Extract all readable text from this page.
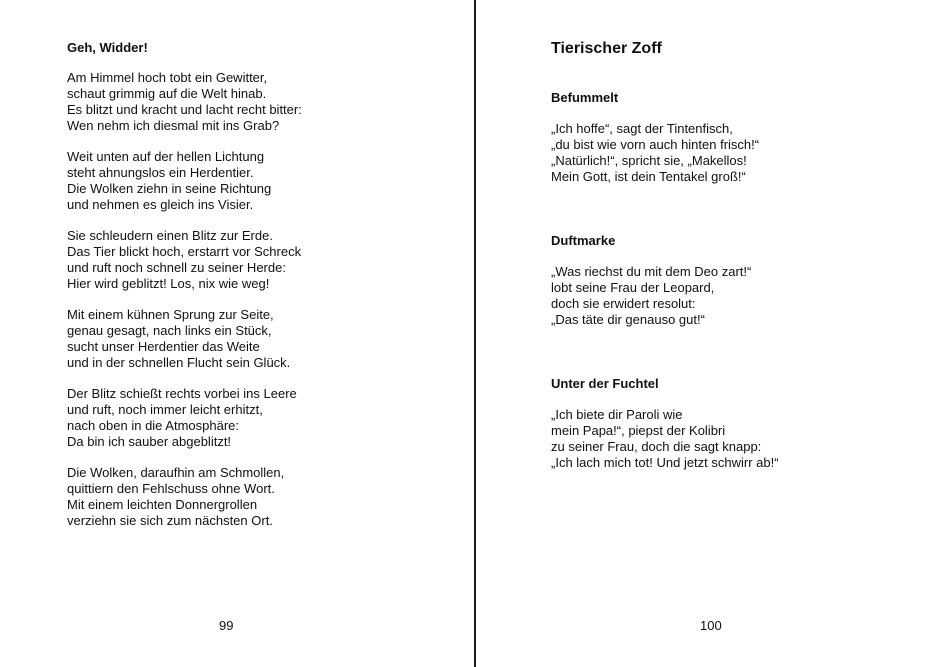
Geh, Widder!

Am Himmel hoch tobt ein Gewitter,
schaut grimmig auf die Welt hinab.
Es blitzt und kracht und lacht recht bitter:
Wen nehm ich diesmal mit ins Grab?

Weit unten auf der hellen Lichtung
steht ahnungslos ein Herdentier.
Die Wolken ziehn in seine Richtung
und nehmen es gleich ins Visier.

Sie schleudern einen Blitz zur Erde.
Das Tier blickt hoch, erstarrt vor Schreck
und ruft noch schnell zu seiner Herde:
Hier wird geblitzt! Los, nix wie weg!

Mit einem kühnen Sprung zur Seite,
genau gesagt, nach links ein Stück,
sucht unser Herdentier das Weite
und in der schnellen Flucht sein Glück.

Der Blitz schießt rechts vorbei ins Leere
und ruft, noch immer leicht erhitzt,
nach oben in die Atmosphäre:
Da bin ich sauber abgeblitzt!

Die Wolken, daraufhin am Schmollen,
quittiern den Fehlschuss ohne Wort.
Mit einem leichten Donnergrollen
verziehn sie sich zum nächsten Ort.

99
Tierischer Zoff

Befummelt

„Ich hoffe“, sagt der Tintenfisch,
„du bist wie vorn auch hinten frisch!“
„Natürlich!“, spricht sie, „Makellos!
Mein Gott, ist dein Tentakel groß!“

Duftmarke

„Was riechst du mit dem Deo zart!“
lobt seine Frau der Leopard,
doch sie erwidert resolut:
„Das täte dir genauso gut!“

Unter der Fuchtel

„Ich biete dir Paroli wie
mein Papa!“, piepst der Kolibri
zu seiner Frau, doch die sagt knapp:
„Ich lach mich tot! Und jetzt schwirr ab!“

100
